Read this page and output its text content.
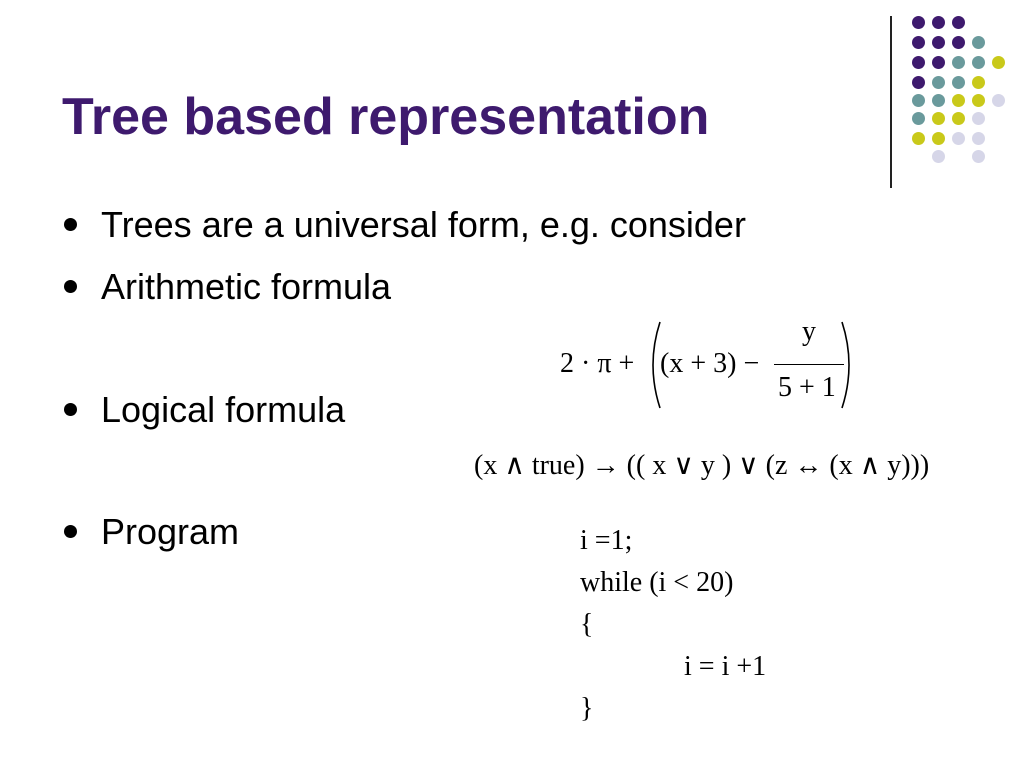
Tree based representation
Trees are a universal form, e.g. consider
Arithmetic formula
Logical formula
Program
2 · π + (x + 3) −
y
5 + 1
(x ∧ true) → (( x ∨ y ) ∨ (z ↔ (x ∧ y)))
i =1;
while (i < 20)
{
i = i +1
}
